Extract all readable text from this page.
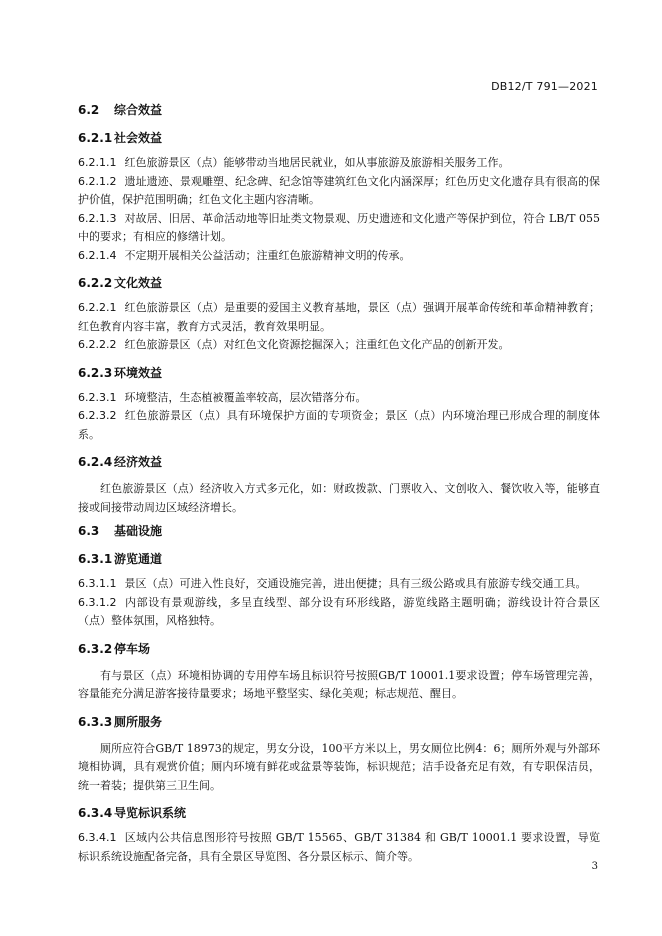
DB12/T 791—2021
6.2 综合效益
6.2.1 社会效益

6.2.1.1 红色旅游景区（点）能够带动当地居民就业，如从事旅游及旅游相关服务工作。

6.2.1.2 遗址遗迹、景观雕塑、纪念碑、纪念馆等建筑红色文化内涵深厚；红色历史文化遗存具有很高的保护价值，保护范围明确；红色文化主题内容清晰。

6.2.1.3 对故居、旧居、革命活动地等旧址类文物景观、历史遗迹和文化遗产等保护到位，符合 LB/T 055 中的要求；有相应的修缮计划。

6.2.1.4 不定期开展相关公益活动；注重红色旅游精神文明的传承。

6.2.2 文化效益

6.2.2.1 红色旅游景区（点）是重要的爱国主义教育基地，景区（点）强调开展革命传统和革命精神教育；红色教育内容丰富，教育方式灵活，教育效果明显。

6.2.2.2 红色旅游景区（点）对红色文化资源挖掘深入；注重红色文化产品的创新开发。

6.2.3 环境效益

6.2.3.1 环境整洁，生态植被覆盖率较高，层次错落分布。

6.2.3.2 红色旅游景区（点）具有环境保护方面的专项资金；景区（点）内环境治理已形成合理的制度体系。

6.2.4 经济效益

红色旅游景区（点）经济收入方式多元化，如：财政拨款、门票收入、文创收入、餐饮收入等，能够直接或间接带动周边区域经济增长。

6.3 基础设施
6.3.1 游览通道

6.3.1.1 景区（点）可进入性良好，交通设施完善，进出便捷；具有三级公路或具有旅游专线交通工具。

6.3.1.2 内部设有景观游线，多呈直线型、部分设有环形线路，游览线路主题明确；游线设计符合景区（点）整体氛围，风格独特。

6.3.2 停车场

有与景区（点）环境相协调的专用停车场且标识符号按照GB/T 10001.1要求设置；停车场管理完善，容量能充分满足游客接待量要求；场地平整坚实、绿化美观；标志规范、醒目。

6.3.3 厕所服务

厕所应符合GB/T 18973的规定，男女分设，100平方米以上，男女厕位比例4：6；厕所外观与外部环境相协调，具有观赏价值；厕内环境有鲜花或盆景等装饰，标识规范；洁手设备充足有效，有专职保洁员，统一着装；提供第三卫生间。

6.3.4 导览标识系统

6.3.4.1 区域内公共信息图形符号按照 GB/T 15565、GB/T 31384 和 GB/T 10001.1 要求设置，导览标识系统设施配备完备，具有全景区导览图、各分景区标示、简介等。

3
